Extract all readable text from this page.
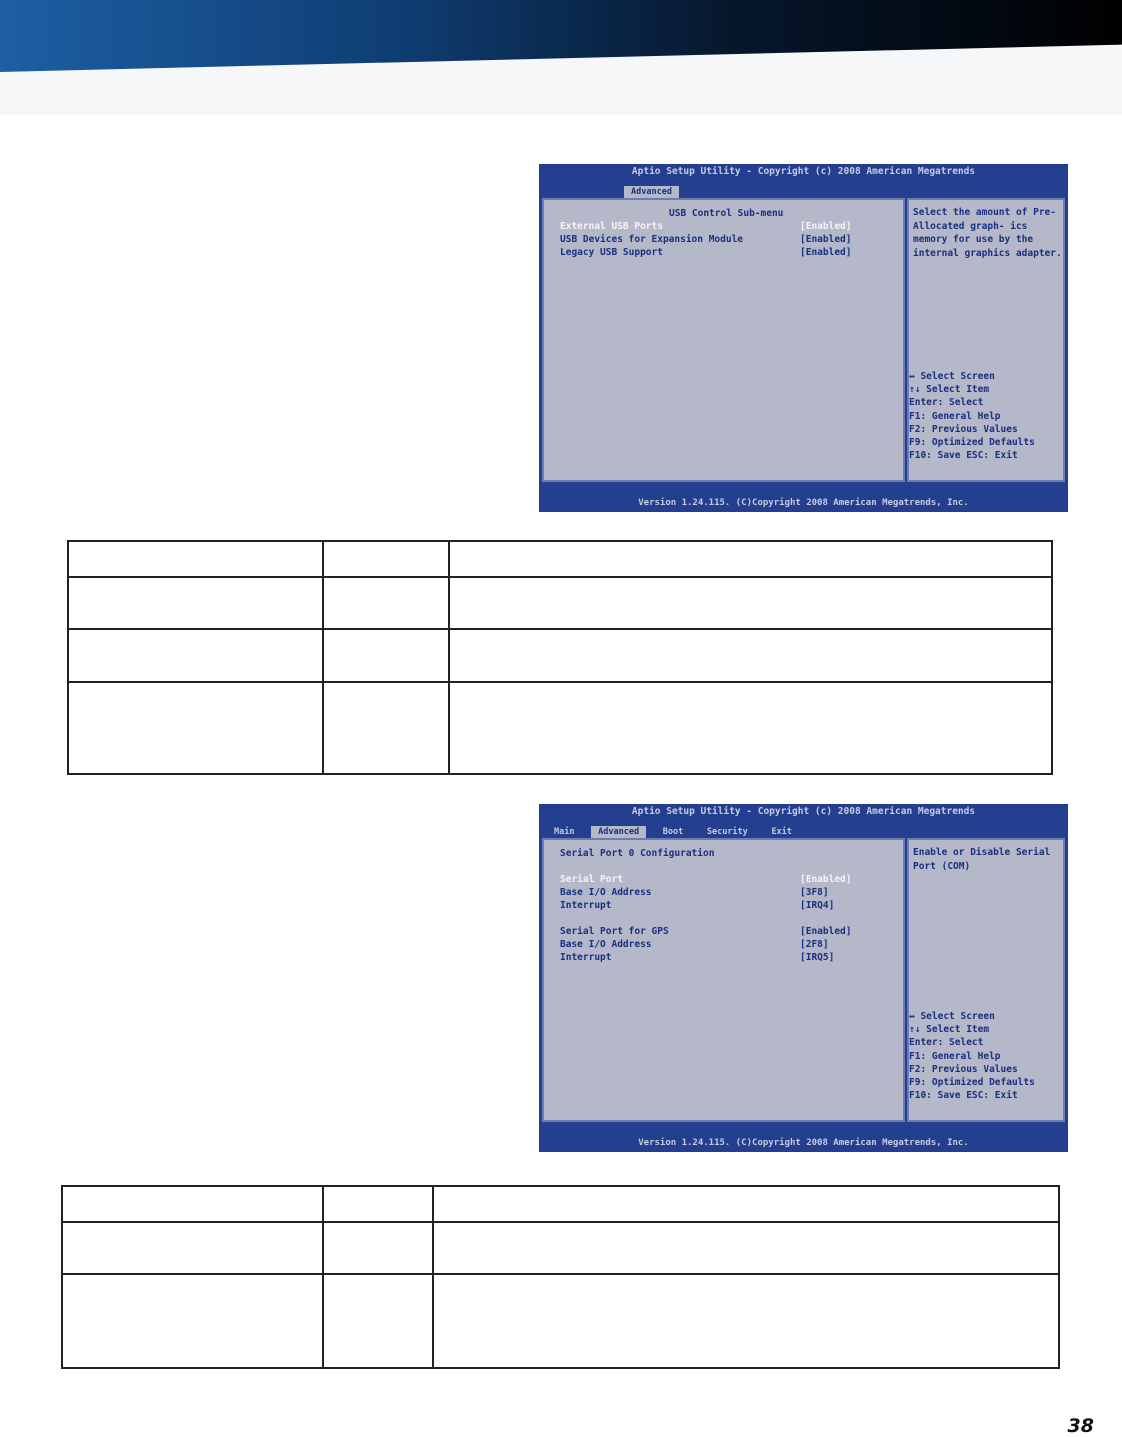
Aptio Setup Utility - Copyright (c) 2008 American Megatrends
Advanced
USB Control Sub-menu
External USB Ports	[Enabled]
USB Devices for Expansion Module	[Enabled]
Legacy USB Support	[Enabled]
Select the amount of Pre-Allocated graph- ics memory for use by the internal graphics adapter.
↔ Select Screen
↑↓ Select Item
Enter: Select
F1: General Help
F2: Previous Values
F9: Optimized Defaults
F10: Save ESC: Exit
Version 1.24.115. (C)Copyright 2008 American Megatrends, Inc.

Aptio Setup Utility - Copyright (c) 2008 American Megatrends
Main	Advanced	Boot	Security	Exit
Serial Port 0 Configuration
Serial Port	[Enabled]
Base I/O Address	[3F8]
Interrupt	[IRQ4]
Serial Port for GPS	[Enabled]
Base I/O Address	[2F8]
Interrupt	[IRQ5]
Enable or Disable Serial Port (COM)
↔ Select Screen
↑↓ Select Item
Enter: Select
F1: General Help
F2: Previous Values
F9: Optimized Defaults
F10: Save ESC: Exit
Version 1.24.115. (C)Copyright 2008 American Megatrends, Inc.

38
